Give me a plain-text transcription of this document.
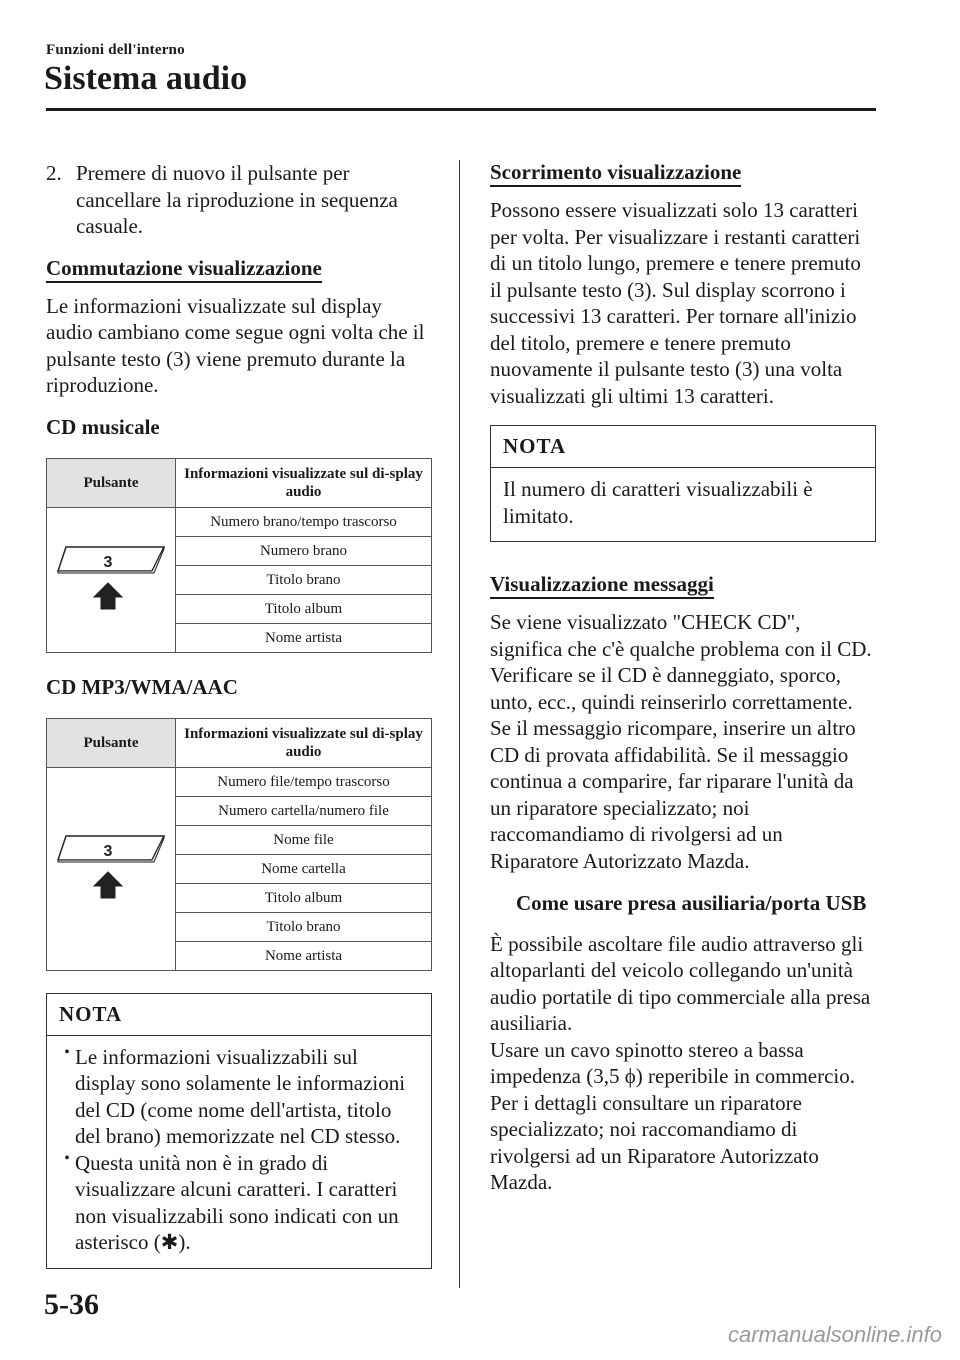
Funzioni dell'interno
Sistema audio

2. Premere di nuovo il pulsante per cancellare la riproduzione in sequenza casuale.

Commutazione visualizzazione

Le informazioni visualizzate sul display audio cambiano come segue ogni volta che il pulsante testo (3) viene premuto durante la riproduzione.

CD musicale
Pulsante	Informazioni visualizzate sul di-splay audio

3	Numero brano/tempo trascorso
	Numero brano
	Titolo brano
	Titolo album
	Nome artista
CD MP3/WMA/AAC
Pulsante	Informazioni visualizzate sul di-splay audio

3	Numero file/tempo trascorso
	Numero cartella/numero file
	Nome file
	Nome cartella
	Titolo album
	Titolo brano
	Nome artista
NOTA
• Le informazioni visualizzabili sul display sono solamente le informazioni del CD (come nome dell'artista, titolo del brano) memorizzate nel CD stesso.

• Questa unità non è in grado di visualizzare alcuni caratteri. I caratteri non visualizzabili sono indicati con un asterisco (✱).

Scorrimento visualizzazione

Possono essere visualizzati solo 13 caratteri per volta. Per visualizzare i restanti caratteri di un titolo lungo, premere e tenere premuto il pulsante testo (3). Sul display scorrono i successivi 13 caratteri. Per tornare all'inizio del titolo, premere e tenere premuto nuovamente il pulsante testo (3) una volta visualizzati gli ultimi 13 caratteri.

NOTA

Il numero di caratteri visualizzabili è limitato.

Visualizzazione messaggi

Se viene visualizzato "CHECK CD", significa che c'è qualche problema con il CD. Verificare se il CD è danneggiato, sporco, unto, ecc., quindi reinserirlo correttamente. Se il messaggio ricompare, inserire un altro CD di provata affidabilità. Se il messaggio continua a comparire, far riparare l'unità da un riparatore specializzato; noi raccomandiamo di rivolgersi ad un Riparatore Autorizzato Mazda.

Come usare presa ausiliaria/porta USB

È possibile ascoltare file audio attraverso gli altoparlanti del veicolo collegando un'unità audio portatile di tipo commerciale alla presa ausiliaria.

Usare un cavo spinotto stereo a bassa impedenza (3,5 ϕ) reperibile in commercio. Per i dettagli consultare un riparatore specializzato; noi raccomandiamo di rivolgersi ad un Riparatore Autorizzato Mazda.

5-36
carmanualsonline.info
